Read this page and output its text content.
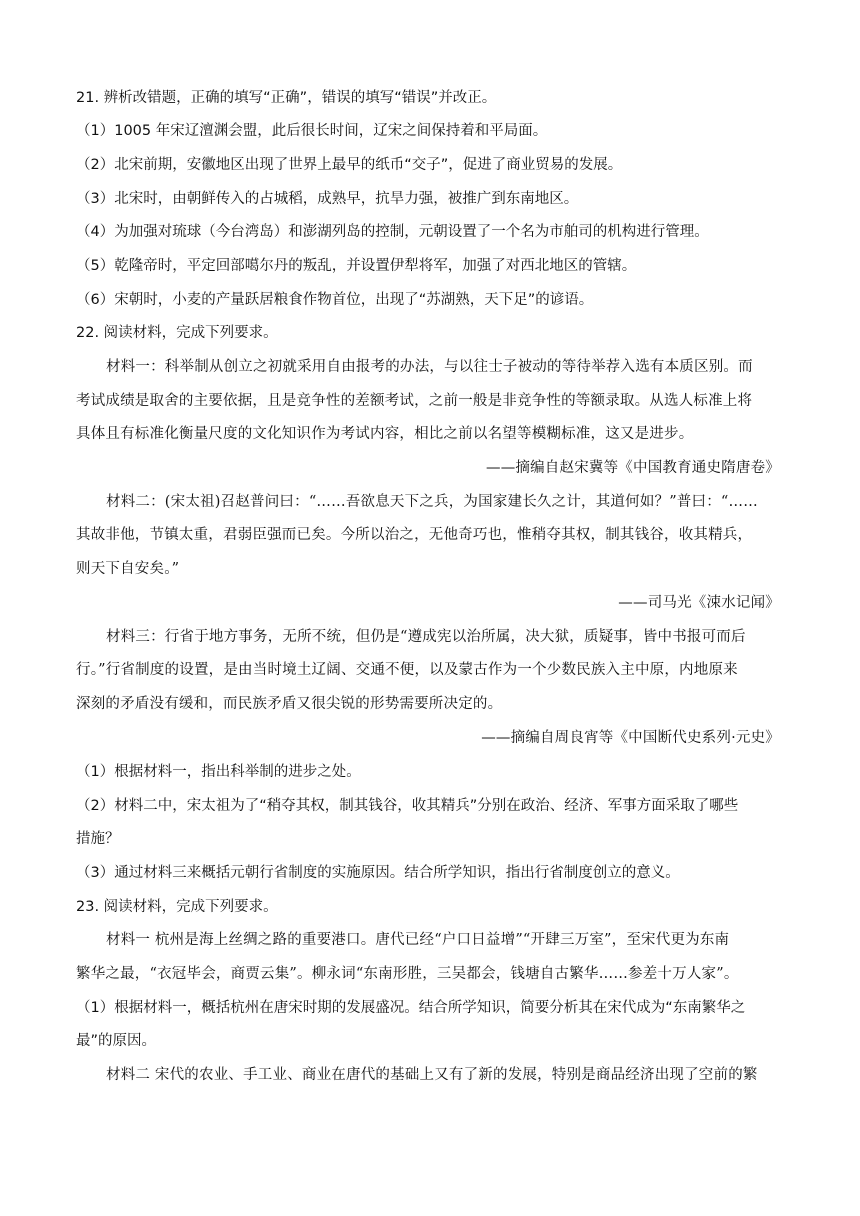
21. 辨析改错题，正确的填写“正确”，错误的填写“错误”并改正。
（1）1005 年宋辽澶渊会盟，此后很长时间，辽宋之间保持着和平局面。
（2）北宋前期，安徽地区出现了世界上最早的纸币“交子”，促进了商业贸易的发展。
（3）北宋时，由朝鲜传入的占城稻，成熟早，抗旱力强，被推广到东南地区。
（4）为加强对琉球（今台湾岛）和澎湖列岛的控制，元朝设置了一个名为市舶司的机构进行管理。
（5）乾隆帝时，平定回部噶尔丹的叛乱，并设置伊犁将军，加强了对西北地区的管辖。
（6）宋朝时，小麦的产量跃居粮食作物首位，出现了“苏湖熟，天下足”的谚语。
22. 阅读材料，完成下列要求。
材料一：科举制从创立之初就采用自由报考的办法，与以往士子被动的等待举荐入选有本质区别。而
考试成绩是取舍的主要依据，且是竞争性的差额考试，之前一般是非竞争性的等额录取。从选人标准上将
具体且有标准化衡量尺度的文化知识作为考试内容，相比之前以名望等模糊标准，这又是进步。
——摘编自赵宋冀等《中国教育通史隋唐卷》
材料二：(宋太祖)召赵普问曰：“……吾欲息天下之兵，为国家建长久之计，其道何如？”普曰：“……
其故非他，节镇太重，君弱臣强而已矣。今所以治之，无他奇巧也，惟稍夺其权，制其钱谷，收其精兵，
则天下自安矣。”
——司马光《涑水记闻》
材料三：行省于地方事务，无所不统，但仍是“遵成宪以治所属，决大狱，质疑事，皆中书报可而后
行。”行省制度的设置，是由当时境土辽阔、交通不便，以及蒙古作为一个少数民族入主中原，内地原来
深刻的矛盾没有缓和，而民族矛盾又很尖锐的形势需要所决定的。
——摘编自周良宵等《中国断代史系列·元史》
（1）根据材料一，指出科举制的进步之处。
（2）材料二中，宋太祖为了“稍夺其权，制其钱谷，收其精兵”分别在政治、经济、军事方面采取了哪些
措施？
（3）通过材料三来概括元朝行省制度的实施原因。结合所学知识，指出行省制度创立的意义。
23. 阅读材料，完成下列要求。
材料一 杭州是海上丝绸之路的重要港口。唐代已经“户口日益增”“开肆三万室”，至宋代更为东南
繁华之最，“衣冠毕会，商贾云集”。柳永词“东南形胜，三吴都会，钱塘自古繁华……参差十万人家”。
（1）根据材料一，概括杭州在唐宋时期的发展盛况。结合所学知识，简要分析其在宋代成为“东南繁华之
最”的原因。
材料二 宋代的农业、手工业、商业在唐代的基础上又有了新的发展，特别是商品经济出现了空前的繁
